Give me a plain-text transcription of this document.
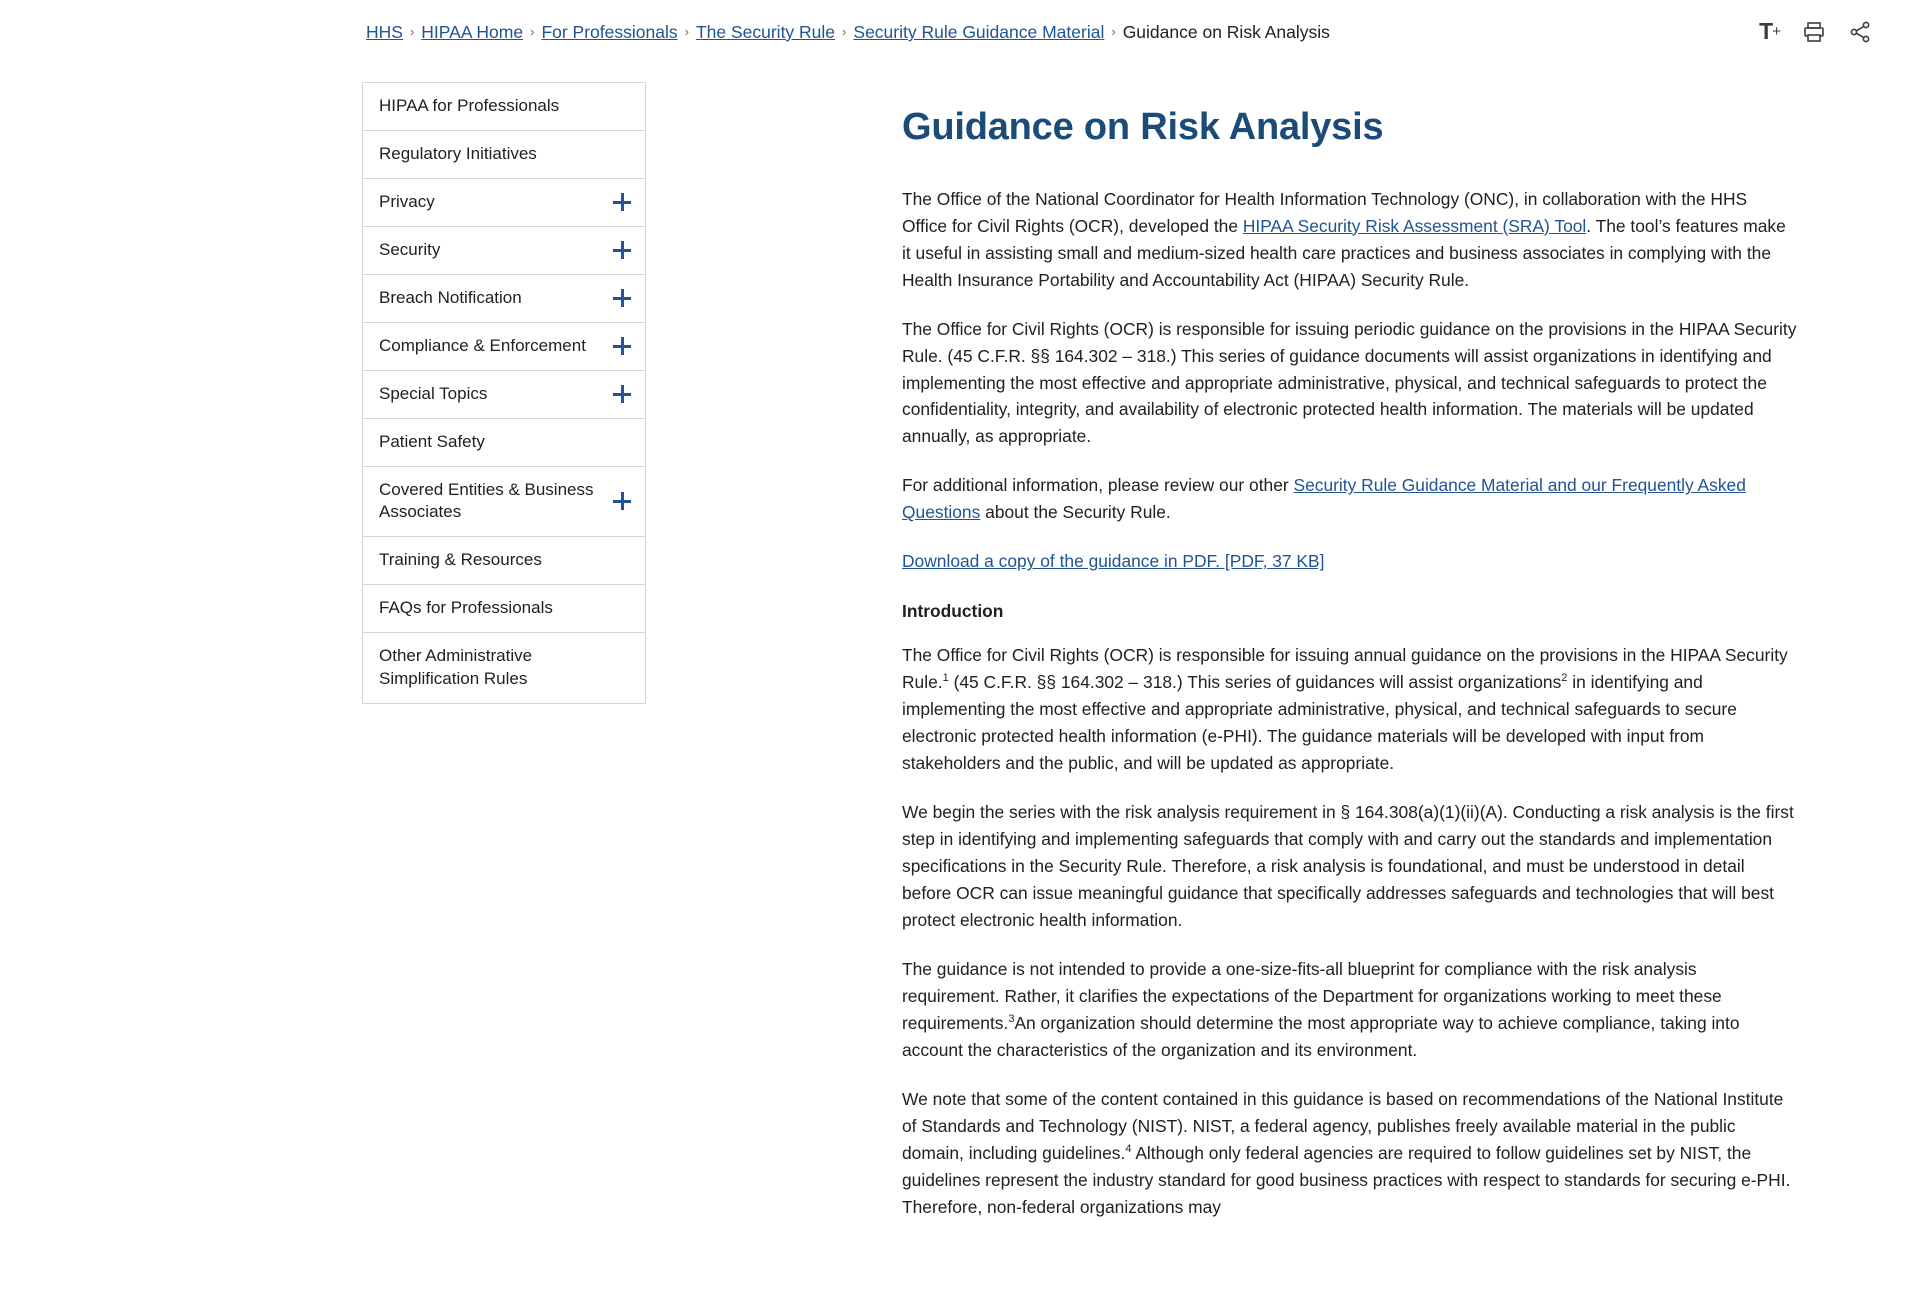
HHS › HIPAA Home › For Professionals › The Security Rule › Security Rule Guidance Material › Guidance on Risk Analysis	T +
HIPAA for Professionals
Regulatory Initiatives
Privacy
Security
Breach Notification
Compliance & Enforcement
Special Topics
Patient Safety
Covered Entities & Business Associates
Training & Resources
FAQs for Professionals
Other Administrative Simplification Rules
Guidance on Risk Analysis

The Office of the National Coordinator for Health Information Technology (ONC), in collaboration with the HHS Office for Civil Rights (OCR), developed the HIPAA Security Risk Assessment (SRA) Tool. The tool’s features make it useful in assisting small and medium-sized health care practices and business associates in complying with the Health Insurance Portability and Accountability Act (HIPAA) Security Rule.

The Office for Civil Rights (OCR) is responsible for issuing periodic guidance on the provisions in the HIPAA Security Rule. (45 C.F.R. §§ 164.302 – 318.) This series of guidance documents will assist organizations in identifying and implementing the most effective and appropriate administrative, physical, and technical safeguards to protect the confidentiality, integrity, and availability of electronic protected health information. The materials will be updated annually, as appropriate.

For additional information, please review our other Security Rule Guidance Material and our Frequently Asked Questions about the Security Rule.

Download a copy of the guidance in PDF. [PDF, 37 KB]

Introduction

The Office for Civil Rights (OCR) is responsible for issuing annual guidance on the provisions in the HIPAA Security Rule.$^1$ (45 C.F.R. §§ 164.302 – 318.) This series of guidances will assist organizations$^2$ in identifying and implementing the most effective and appropriate administrative, physical, and technical safeguards to secure electronic protected health information (e-PHI). The guidance materials will be developed with input from stakeholders and the public, and will be updated as appropriate.

We begin the series with the risk analysis requirement in § 164.308(a)(1)(ii)(A). Conducting a risk analysis is the first step in identifying and implementing safeguards that comply with and carry out the standards and implementation specifications in the Security Rule. Therefore, a risk analysis is foundational, and must be understood in detail before OCR can issue meaningful guidance that specifically addresses safeguards and technologies that will best protect electronic health information.

The guidance is not intended to provide a one-size-fits-all blueprint for compliance with the risk analysis requirement. Rather, it clarifies the expectations of the Department for organizations working to meet these requirements.$^3$An organization should determine the most appropriate way to achieve compliance, taking into account the characteristics of the organization and its environment.

We note that some of the content contained in this guidance is based on recommendations of the National Institute of Standards and Technology (NIST). NIST, a federal agency, publishes freely available material in the public domain, including guidelines.$^4$ Although only federal agencies are required to follow guidelines set by NIST, the guidelines represent the industry standard for good business practices with respect to standards for securing e-PHI. Therefore, non-federal organizations may
